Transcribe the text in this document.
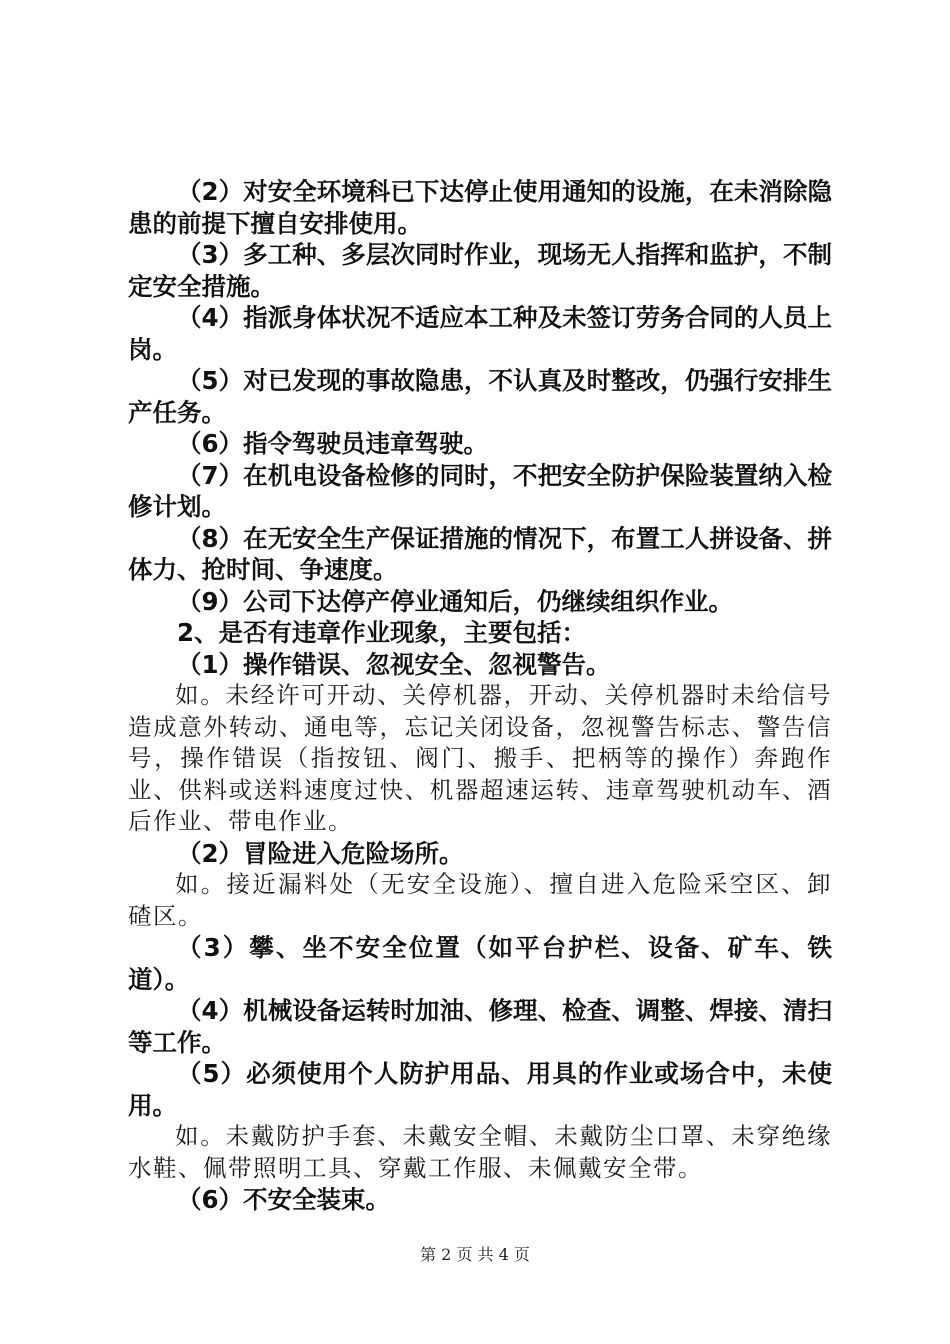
（2）对安全环境科已下达停止使用通知的设施，在未消除隐患的前提下擅自安排使用。

（3）多工种、多层次同时作业，现场无人指挥和监护，不制定安全措施。

（4）指派身体状况不适应本工种及未签订劳务合同的人员上岗。

（5）对已发现的事故隐患，不认真及时整改，仍强行安排生产任务。

（6）指令驾驶员违章驾驶。

（7）在机电设备检修的同时，不把安全防护保险装置纳入检修计划。

（8）在无安全生产保证措施的情况下，布置工人拼设备、拼体力、抢时间、争速度。

（9）公司下达停产停业通知后，仍继续组织作业。

2、是否有违章作业现象，主要包括：

（1）操作错误、忽视安全、忽视警告。

如。未经许可开动、关停机器，开动、关停机器时未给信号造成意外转动、通电等，忘记关闭设备，忽视警告标志、警告信号，操作错误（指按钮、阀门、搬手、把柄等的操作）奔跑作业、供料或送料速度过快、机器超速运转、违章驾驶机动车、酒后作业、带电作业。

（2）冒险进入危险场所。

如。接近漏料处（无安全设施）、擅自进入危险采空区、卸碴区。

（3）攀、坐不安全位置（如平台护栏、设备、矿车、铁道）。

（4）机械设备运转时加油、修理、检查、调整、焊接、清扫等工作。

（5）必须使用个人防护用品、用具的作业或场合中，未使用。

如。未戴防护手套、未戴安全帽、未戴防尘口罩、未穿绝缘水鞋、佩带照明工具、穿戴工作服、未佩戴安全带。

（6）不安全装束。

第 2 页 共 4 页
